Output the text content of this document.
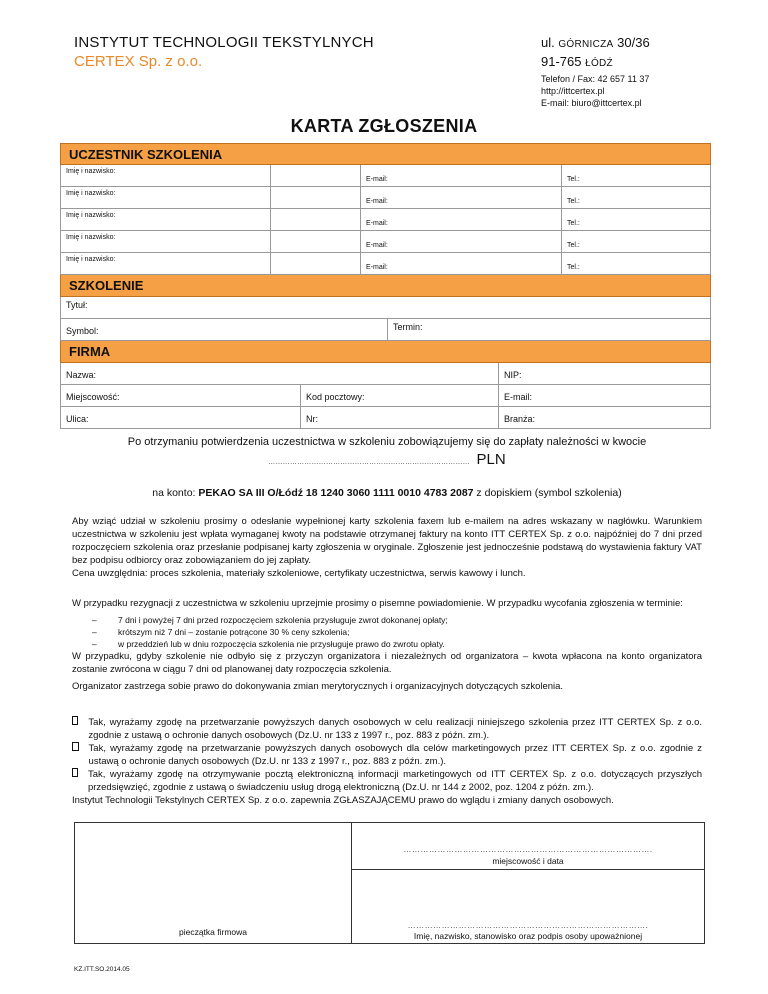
INSTYTUT TECHNOLOGII TEKSTYLNYCH
CERTEX Sp. z o.o.
ul. GÓRNICZA 30/36
91-765 ŁÓDŹ
Telefon / Fax: 42 657 11 37
http://ittcertex.pl
E-mail: biuro@ittcertex.pl
KARTA ZGŁOSZENIA
UCZESTNIK SZKOLENIA
Imię i nazwisko:
E-mail:	Tel.:
Imię i nazwisko:
E-mail:	Tel.:
Imię i nazwisko:
E-mail:	Tel.:
Imię i nazwisko:
E-mail:	Tel.:
Imię i nazwisko:
E-mail:	Tel.:
SZKOLENIE
Tytuł:
Symbol:	Termin:
FIRMA
Nazwa:	NIP:
Miejscowość:	Kod pocztowy:	E-mail:
Ulica:	Nr:	Branża:
Po otrzymaniu potwierdzenia uczestnictwa w szkoleniu zobowiązujemy się do zapłaty należności w kwocie
………………………………………………………………………… PLN
na konto: PEKAO SA III O/Łódź 18 1240 3060 1111 0010 4783 2087 z dopiskiem (symbol szkolenia)
Aby wziąć udział w szkoleniu prosimy o odesłanie wypełnionej karty szkolenia faxem lub e-mailem na adres wskazany w nagłówku. Warunkiem uczestnictwa w szkoleniu jest wpłata wymaganej kwoty na podstawie otrzymanej faktury na konto ITT CERTEX Sp. z o.o. najpóźniej do 7 dni przed rozpoczęciem szkolenia oraz przesłanie podpisanej karty zgłoszenia w oryginale. Zgłoszenie jest jednocześnie podstawą do wystawienia faktury VAT bez podpisu odbiorcy oraz zobowiązaniem do jej zapłaty.
Cena uwzględnia: proces szkolenia, materiały szkoleniowe, certyfikaty uczestnictwa, serwis kawowy i lunch.
W przypadku rezygnacji z uczestnictwa w szkoleniu uprzejmie prosimy o pisemne powiadomienie. W przypadku wycofania zgłoszenia w terminie:
–	7 dni i powyżej 7 dni przed rozpoczęciem szkolenia przysługuje zwrot dokonanej opłaty;
–	krótszym niż 7 dni – zostanie potrącone 30 % ceny szkolenia;
–	w przeddzień lub w dniu rozpoczęcia szkolenia nie przysługuje prawo do zwrotu opłaty.
W przypadku, gdyby szkolenie nie odbyło się z przyczyn organizatora i niezależnych od organizatora – kwota wpłacona na konto organizatora zostanie zwrócona w ciągu 7 dni od planowanej daty rozpoczęcia szkolenia.
Organizator zastrzega sobie prawo do dokonywania zmian merytorycznych i organizacyjnych dotyczących szkolenia.
Tak, wyrażamy zgodę na przetwarzanie powyższych danych osobowych w celu realizacji niniejszego szkolenia przez ITT CERTEX Sp. z o.o. zgodnie z ustawą o ochronie danych osobowych (Dz.U. nr 133 z 1997 r., poz. 883 z późn. zm.).
Tak, wyrażamy zgodę na przetwarzanie powyższych danych osobowych dla celów marketingowych przez ITT CERTEX Sp. z o.o. zgodnie z ustawą o ochronie danych osobowych (Dz.U. nr 133 z 1997 r., poz. 883 z późn. zm.).
Tak, wyrażamy zgodę na otrzymywanie pocztą elektroniczną informacji marketingowych od ITT CERTEX Sp. z o.o. dotyczących przyszłych przedsięwzięć, zgodnie z ustawą o świadczeniu usług drogą elektroniczną (Dz.U. nr 144 z 2002, poz. 1204 z późn. zm.).
Instytut Technologii Tekstylnych CERTEX Sp. z o.o. zapewnia ZGŁASZAJĄCEMU prawo do wglądu i zmiany danych osobowych.
…………………………………………………………………………….
miejscowość i data
pieczątka firmowa
………………………………………………………………………….
Imię, nazwisko, stanowisko oraz podpis osoby upoważnionej
KZ.ITT.SO.2014.05
